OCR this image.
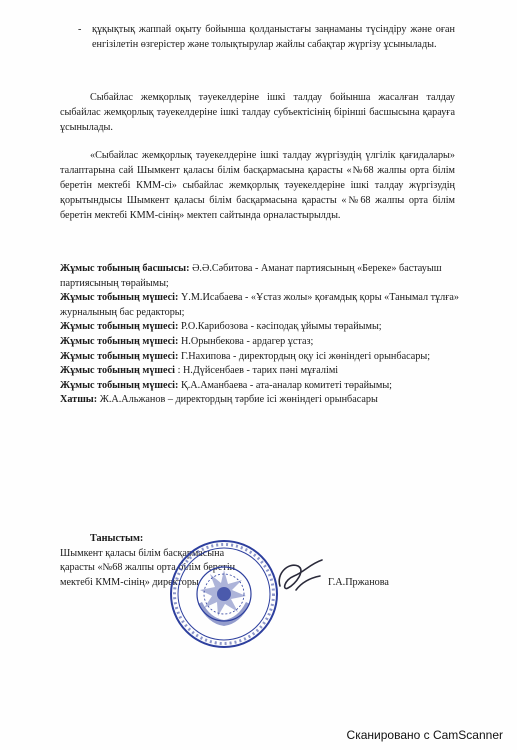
- құқықтық жаппай оқыту бойынша қолданыстағы заңнаманы түсіндіру және оған енгізілетін өзгерістер және толықтырулар жайлы сабақтар жүргізу ұсынылады.

Сыбайлас жемқорлық тәуекелдеріне ішкі талдау бойынша жасалған талдау сыбайлас жемқорлық тәуекелдеріне ішкі талдау субъектісінің бірінші басшысына қарауға ұсынылады.

«Сыбайлас жемқорлық тәуекелдеріне ішкі талдау жүргізудің үлгілік қағидалары» талаптарына сай Шымкент қаласы білім басқармасына қарасты «№68 жалпы орта білім беретін мектебі КММ-сі» сыбайлас жемқорлық тәуекелдеріне ішкі талдау жүргізудің қорытындысы Шымкент қаласы білім басқармасына қарасты «№68 жалпы орта білім беретін мектебі КММ-сінің» мектеп сайтында орналастырылды.

Жұмыс тобының басшысы: Ә.Ә.Сәбитова - Аманат партиясының «Береке» бастауыш партиясының төрайымы;
Жұмыс тобының мүшесі: Ү.М.Исабаева - «Ұстаз жолы» қоғамдық қоры «Танымал тұлға» журналының бас редакторы;
Жұмыс тобының мүшесі: Р.О.Карибозова - кәсіподақ ұйымы төрайымы;
Жұмыс тобының мүшесі: Н.Орынбекова - ардагер ұстаз;
Жұмыс тобының мүшесі: Г.Нахипова - директордың оқу ісі жөніндегі орынбасары;
Жұмыс тобының мүшесі : Н.Дүйсенбаев - тарих пәні мұғалімі
Жұмыс тобының мүшесі: Қ.А.Аманбаева - ата-аналар комитеті төрайымы;
Хатшы: Ж.А.Альжанов – директордың тәрбие ісі жөніндегі орынбасары
Таныстым:
Шымкент қаласы білім басқармасына
қарасты «№68 жалпы орта білім беретін
мектебі КММ-сінің» директоры	Г.А.Пржанова
Сканировано с CamScanner
